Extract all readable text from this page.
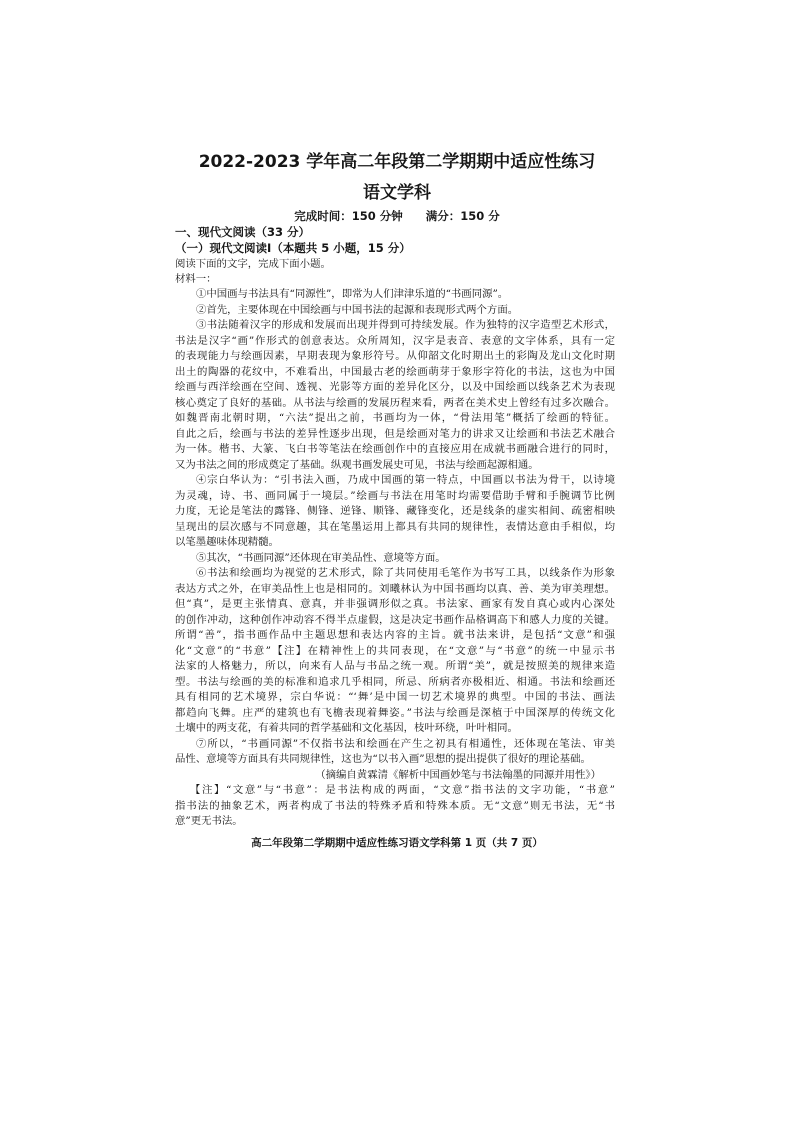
2022-2023 学年高二年段第二学期期中适应性练习
语文学科
完成时间：150 分钟　　满分：150 分
一、现代文阅读（33 分）
（一）现代文阅读Ⅰ（本题共 5 小题，15 分）
阅读下面的文字，完成下面小题。
材料一：
①中国画与书法具有“同源性”，即常为人们津津乐道的“书画同源”。
②首先，主要体现在中国绘画与中国书法的起源和表现形式两个方面。
③书法随着汉字的形成和发展而出现并得到可持续发展。作为独特的汉字造型艺术形式，
书法是汉字“画”作形式的创意表达。众所周知，汉字是表音、表意的文字体系，具有一定
的表现能力与绘画因素，早期表现为象形符号。从仰韶文化时期出土的彩陶及龙山文化时期
出土的陶器的花纹中，不难看出，中国最古老的绘画萌芽于象形字符化的书法，这也为中国
绘画与西洋绘画在空间、透视、光影等方面的差异化区分，以及中国绘画以线条艺术为表现
核心奠定了良好的基础。从书法与绘画的发展历程来看，两者在美术史上曾经有过多次融合。
如魏晋南北朝时期，“六法”提出之前，书画均为一体，“骨法用笔”概括了绘画的特征。
自此之后，绘画与书法的差异性逐步出现，但是绘画对笔力的讲求又让绘画和书法艺术融合
为一体。楷书、大篆、飞白书等笔法在绘画创作中的直接应用在成就书画融合进行的同时，
又为书法之间的形成奠定了基础。纵观书画发展史可见，书法与绘画起源相通。
④宗白华认为：“引书法入画，乃成中国画的第一特点，中国画以书法为骨干，以诗境
为灵魂，诗、书、画同属于一境层。”绘画与书法在用笔时均需要借助手臂和手腕调节比例
力度，无论是笔法的露锋、侧锋、逆锋、顺锋、藏锋变化，还是线条的虚实相间、疏密相映
呈现出的层次感与不同意趣，其在笔墨运用上都具有共同的规律性，表情达意由手相似，均
以笔墨趣味体现精髓。
⑤其次，“书画同源”还体现在审美品性、意境等方面。
⑥书法和绘画均为视觉的艺术形式，除了共同使用毛笔作为书写工具，以线条作为形象
表达方式之外，在审美品性上也是相同的。刘曦林认为中国书画均以真、善、美为审美理想。
但“真”，是更主张情真、意真，并非强调形似之真。书法家、画家有发自真心或内心深处
的创作冲动，这种创作冲动容不得半点虚假，这是决定书画作品格调高下和感人力度的关键。
所谓“善”，指书画作品中主题思想和表达内容的主旨。就书法来讲，是包括“文意”和强
化“文意”的“书意”【注】在精神性上的共同表现，在“文意”与“书意”的统一中显示书
法家的人格魅力，所以，向来有人品与书品之统一观。所谓“美”，就是按照美的规律来造
型。书法与绘画的美的标准和追求几乎相同，所忌、所病者亦极相近、相通。书法和绘画还
具有相同的艺术境界，宗白华说：“‘舞’是中国一切艺术境界的典型。中国的书法、画法
都趋向飞舞。庄严的建筑也有飞檐表现着舞姿。”书法与绘画是深植于中国深厚的传统文化
土壤中的两支花，有着共同的哲学基础和文化基因，枝叶环绕，叶叶相同。
⑦所以，“书画同源”不仅指书法和绘画在产生之初具有相通性，还体现在笔法、审美
品性、意境等方面具有共同规律性，这也为“以书入画”思想的提出提供了很好的理论基础。
（摘编自黄霖清《解析中国画妙笔与书法翰墨的同源并用性》）
【注】“文意”与“书意”：是书法构成的两面，“文意”指书法的文字功能，“书意”
指书法的抽象艺术，两者构成了书法的特殊矛盾和特殊本质。无“文意”则无书法，无“书
意”更无书法。
高二年段第二学期期中适应性练习语文学科第 1 页（共 7 页）
